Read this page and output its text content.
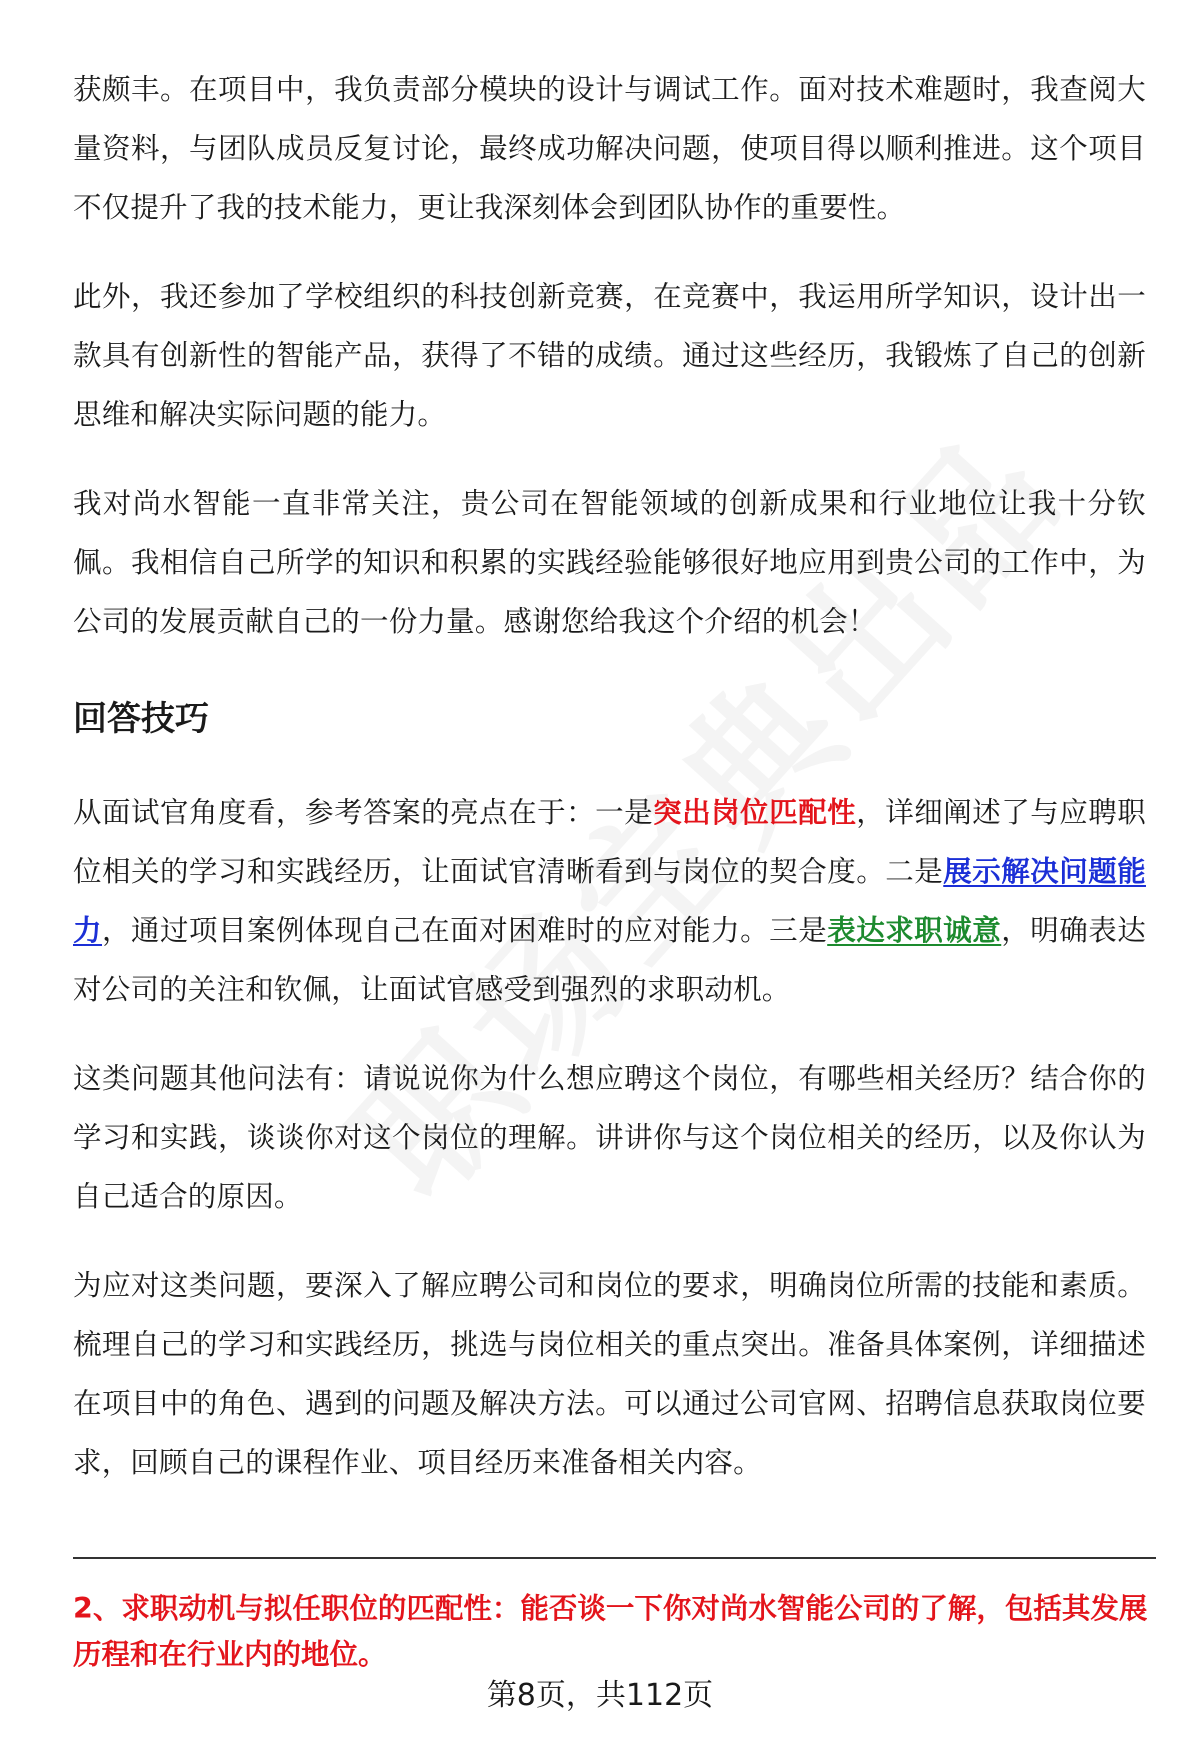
获颇丰。在项目中，我负责部分模块的设计与调试工作。面对技术难题时，我查阅大量资料，与团队成员反复讨论，最终成功解决问题，使项目得以顺利推进。这个项目不仅提升了我的技术能力，更让我深刻体会到团队协作的重要性。

此外，我还参加了学校组织的科技创新竞赛，在竞赛中，我运用所学知识，设计出一款具有创新性的智能产品，获得了不错的成绩。通过这些经历，我锻炼了自己的创新思维和解决实际问题的能力。

我对尚水智能一直非常关注，贵公司在智能领域的创新成果和行业地位让我十分钦佩。我相信自己所学的知识和积累的实践经验能够很好地应用到贵公司的工作中，为公司的发展贡献自己的一份力量。感谢您给我这个介绍的机会！

回答技巧

从面试官角度看，参考答案的亮点在于：一是突出岗位匹配性，详细阐述了与应聘职位相关的学习和实践经历，让面试官清晰看到与岗位的契合度。二是展示解决问题能力，通过项目案例体现自己在面对困难时的应对能力。三是表达求职诚意，明确表达对公司的关注和钦佩，让面试官感受到强烈的求职动机。

这类问题其他问法有：请说说你为什么想应聘这个岗位，有哪些相关经历？结合你的学习和实践，谈谈你对这个岗位的理解。讲讲你与这个岗位相关的经历，以及你认为自己适合的原因。

为应对这类问题，要深入了解应聘公司和岗位的要求，明确岗位所需的技能和素质。梳理自己的学习和实践经历，挑选与岗位相关的重点突出。准备具体案例，详细描述在项目中的角色、遇到的问题及解决方法。可以通过公司官网、招聘信息获取岗位要求，回顾自己的课程作业、项目经历来准备相关内容。

2、求职动机与拟任职位的匹配性：能否谈一下你对尚水智能公司的了解，包括其发展历程和在行业内的地位。
第8页，共112页
